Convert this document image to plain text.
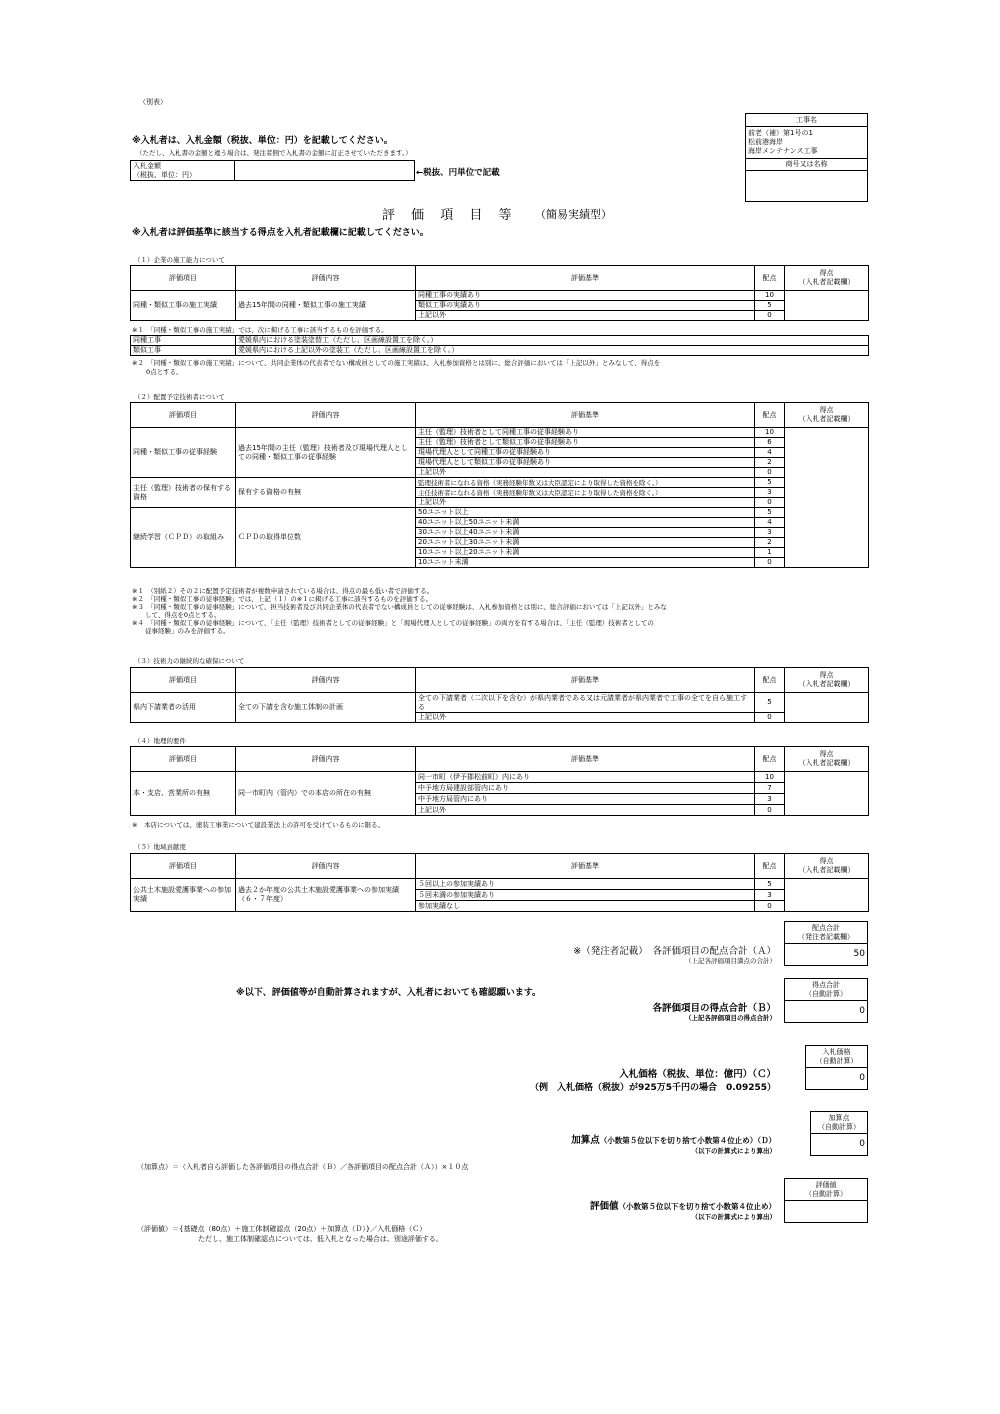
（別表）
※入札者は、入札金額（税抜、単位：円）を記載してください。
（ただし、入札書の金額と違う場合は、発注者側で入札書の金額に訂正させていただきます。）
入札金額
（税抜、単位：円）
		←税抜、円単位で記載
工事名

前老（補）第1号の1
松前港海岸
海岸メンテナンス工事

商号又は名称

評 価 項 目 等 （簡易実績型）
※入札者は評価基準に該当する得点を入札者記載欄に記載してください。
（１）企業の施工能力について
評価項目	評価内容	評価基準	配点	得点
（入札者記載欄）

同種・類似工事の施工実績	過去15年間の同種・類似工事の施工実績	同種工事の実績あり	10	
		類似工事の実績あり	5	
		上記以外	0	
※１　「同種・類似工事の施工実績」では、次に掲げる工事に該当するものを評価する。
同種工事	愛媛県内における塗装塗替工（ただし、区画線設置工を除く。）
類似工事	愛媛県内における上記以外の塗装工（ただし、区画線設置工を除く。）
※２　「同種・類似工事の施工実績」について、共同企業体の代表者でない構成員としての施工実績は、入札参加資格とは別に、総合評価においては「上記以外」とみなして、得点を
0点とする。
（２）配置予定技術者について
評価項目	評価内容	評価基準	配点	得点
（入札者記載欄）

同種・類似工事の従事経験	過去15年間の主任（監理）技術者及び現場代理人としての同種・類似工事の従事経験	主任（監理）技術者として同種工事の従事経験あり	10	
		主任（監理）技術者として類似工事の従事経験あり	6	
		現場代理人として同種工事の従事経験あり	4	
		現場代理人として類似工事の従事経験あり	2	
		上記以外	0	
主任（監理）技術者の保有する資格	保有する資格の有無	監理技術者になれる資格（実務経験年数又は大臣認定により取得した資格を除く。）	5	
		主任技術者になれる資格（実務経験年数又は大臣認定により取得した資格を除く。）	3	
		上記以外	0	
継続学習（ＣＰＤ）の取組み	ＣＰＤの取得単位数	50ユニット以上	5	
		40ユニット以上50ユニット未満	4	
		30ユニット以上40ユニット未満	3	
		20ユニット以上30ユニット未満	2	
		10ユニット以上20ユニット未満	1	
		10ユニット未満	0	
※１　（別紙２）その２に配置予定技術者が複数申請されている場合は、得点の最も低い者で評価する。
※２　「同種・類似工事の従事経験」では、上記（１）の※１に掲げる工事に該当するものを評価する。
※３　「同種・類似工事の従事経験」について、担当技術者及び共同企業体の代表者でない構成員としての従事経験は、入札参加資格とは別に、総合評価においては「上記以外」とみな
　　して、得点を0点とする。
※４　「同種・類似工事の従事経験」について、「主任（監理）技術者としての従事経験」と「現場代理人としての従事経験」の両方を有する場合は、「主任（監理）技術者としての
　　従事経験」のみを評価する。
（３）技術力の継続的な確保について
評価項目	評価内容	評価基準	配点	得点
（入札者記載欄）

県内下請業者の活用	全ての下請を含む施工体制の計画	全ての下請業者（二次以下を含む）が県内業者である又は元請業者が県内業者で工事の全てを自ら施工する	5	
		上記以外	0	
（４）地理的要件
評価項目	評価内容	評価基準	配点	得点
（入札者記載欄）

本・支店、営業所の有無	同一市町内（管内）での本店の所在の有無	同一市町（伊予郡松前町）内にあり	10	
		中予地方局建設部管内にあり	7	
		中予地方局管内にあり	3	
		上記以外	0	
※　本店については、塗装工事業について建設業法上の許可を受けているものに限る。
（５）地域貢献度
評価項目	評価内容	評価基準	配点	得点
（入札者記載欄）

公共土木施設愛護事業への参加実績	過去２か年度の公共土木施設愛護事業への参加実績（６・７年度）	５回以上の参加実績あり	5	
		５回未満の参加実績あり	3	
		参加実績なし	0	
配点合計
（発注者記載欄）

50
※（発注者記載）　各評価項目の配点合計（Ａ）
（上記各評価項目満点の合計）
※以下、評価値等が自動計算されますが、入札者においても確認願います。
得点合計
（自動計算）

0
各評価項目の得点合計（Ｂ）
（上記各評価項目の得点合計）
入札価格
（自動計算）

0
入札価格（税抜、単位：億円）（Ｃ）
（例　入札価格（税抜）が925万5千円の場合　0.09255）
加算点
（自動計算）

0
加算点（小数第５位以下を切り捨て小数第４位止め）（Ｄ）
（以下の計算式により算出）
（加算点）＝（入札者自ら評価した各評価項目の得点合計（Ｂ）／各評価項目の配点合計（Ａ））×１０点
評価値
（自動計算）

評価値（小数第５位以下を切り捨て小数第４位止め）
（以下の計算式により算出）
（評価値）＝{基礎点（80点）＋施工体制確認点（20点）＋加算点（Ｄ）}／入札価格（Ｃ）
ただし、施工体制確認点については、低入札となった場合は、別途評価する。
